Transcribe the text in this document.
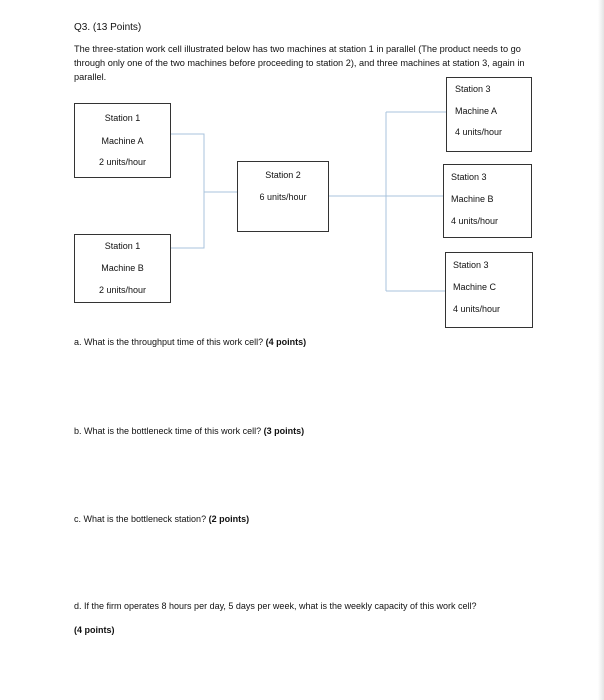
Q3. (13 Points)
The three-station work cell illustrated below has two machines at station 1 in parallel (The product needs to go through only one of the two machines before proceeding to station 2), and three machines at station 3, again in parallel.
Station 1
Machine A
2 units/hour
Station 1
Machine B
2 units/hour
Station 2
6 units/hour
Station 3
Machine A
4 units/hour
Station 3
Machine B
4 units/hour
Station 3
Machine C
4 units/hour
a. What is the throughput time of this work cell? (4 points)
b. What is the bottleneck time of this work cell? (3 points)
c. What is the bottleneck station? (2 points)
d. If the firm operates 8 hours per day, 5 days per week, what is the weekly capacity of this work cell?
(4 points)
